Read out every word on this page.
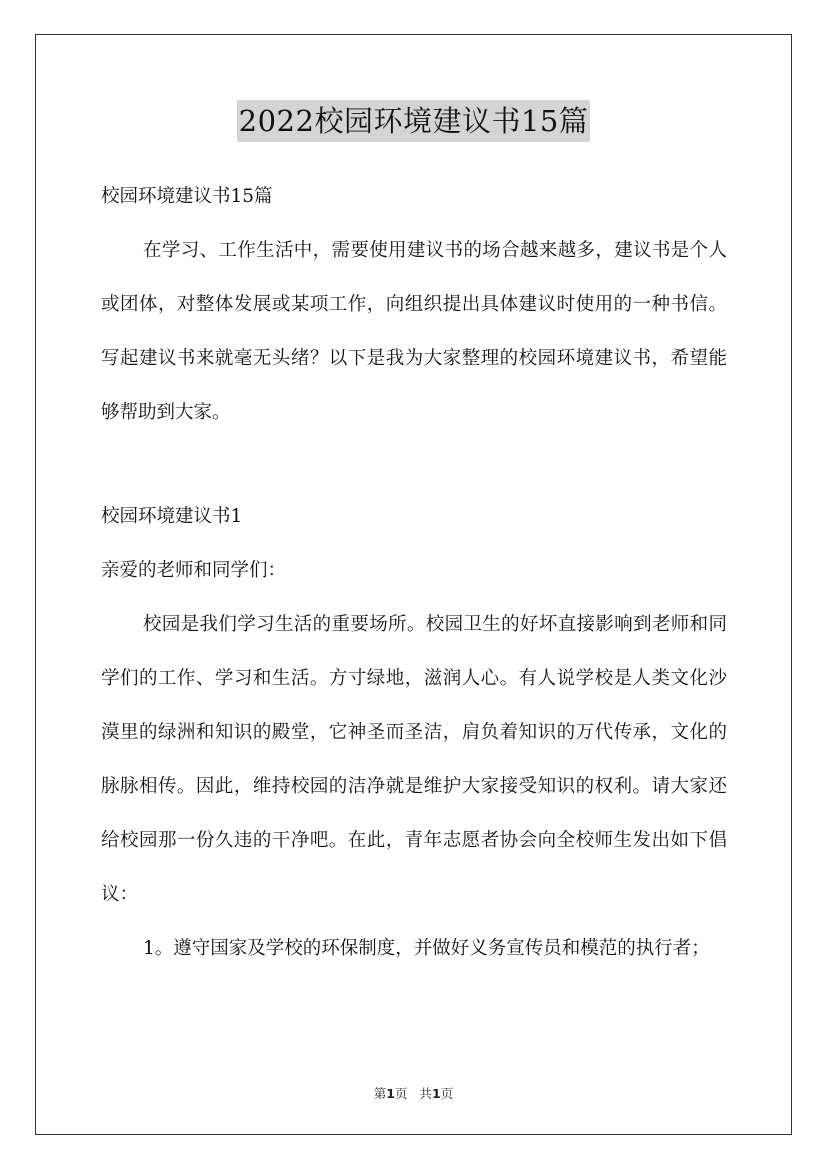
2022校园环境建议书15篇
校园环境建议书15篇
在学习、工作生活中，需要使用建议书的场合越来越多，建议书是个人或团体，对整体发展或某项工作，向组织提出具体建议时使用的一种书信。写起建议书来就毫无头绪？以下是我为大家整理的校园环境建议书，希望能够帮助到大家。
校园环境建议书1
亲爱的老师和同学们：
校园是我们学习生活的重要场所。校园卫生的好坏直接影响到老师和同学们的工作、学习和生活。方寸绿地，滋润人心。有人说学校是人类文化沙漠里的绿洲和知识的殿堂，它神圣而圣洁，肩负着知识的万代传承，文化的脉脉相传。因此，维持校园的洁净就是维护大家接受知识的权利。请大家还给校园那一份久违的干净吧。在此，青年志愿者协会向全校师生发出如下倡议：
1。遵守国家及学校的环保制度，并做好义务宣传员和模范的执行者；
第1页 共1页
